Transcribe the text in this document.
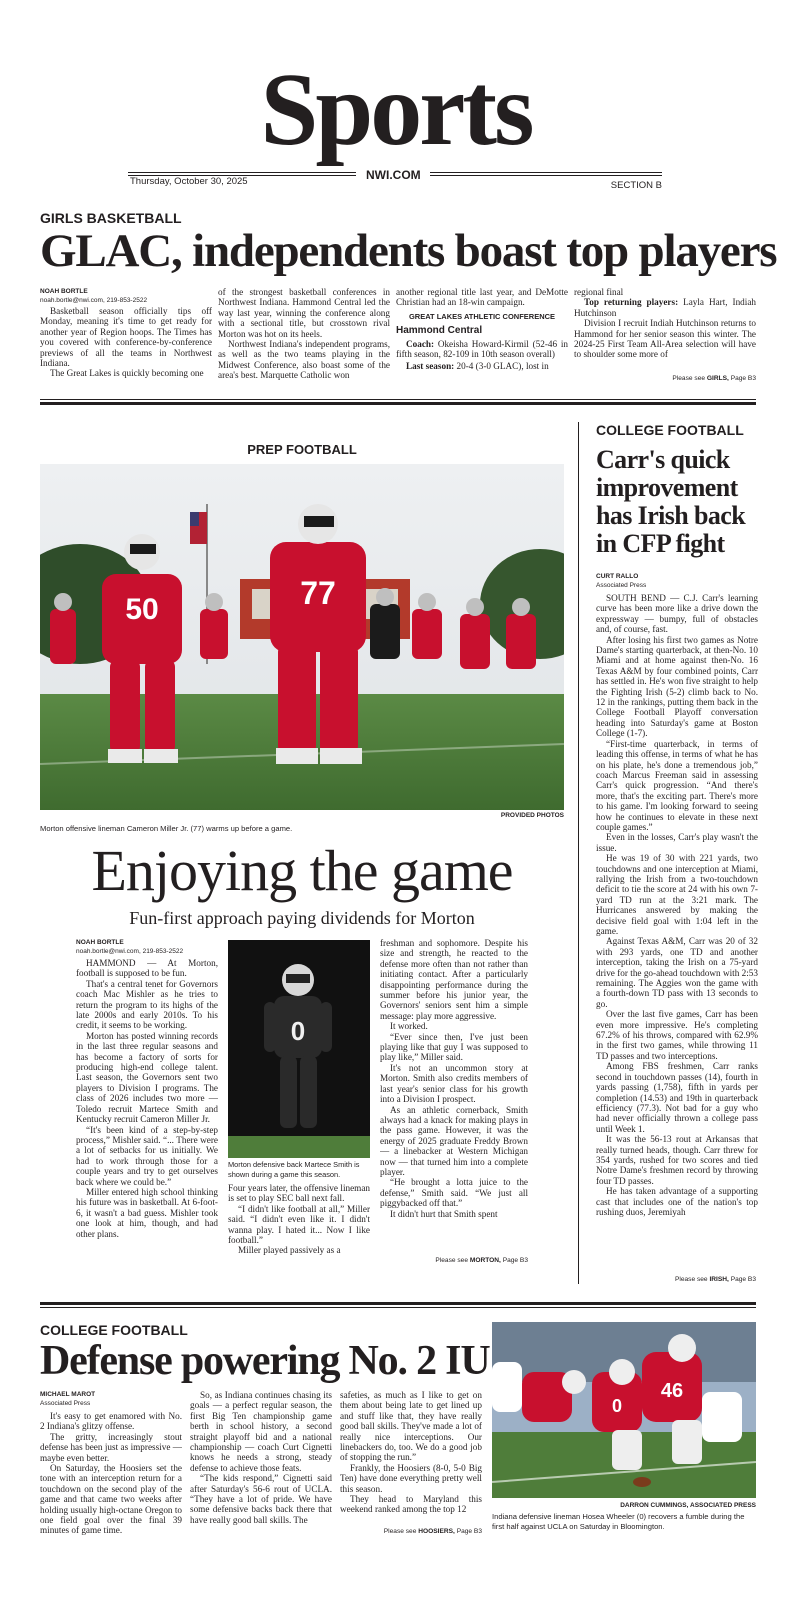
Sports
NWI.COM
Thursday, October 30, 2025	SECTION B
GIRLS BASKETBALL
GLAC, independents boast top players
NOAH BORTLE
noah.bortle@nwi.com, 219-853-2522

Basketball season officially tips off Monday, meaning it's time to get ready for another year of Region hoops. The Times has you covered with conference-by-conference previews of all the teams in Northwest Indiana.

The Great Lakes is quickly becoming one

of the strongest basketball conferences in Northwest Indiana. Hammond Central led the way last year, winning the conference along with a sectional title, but crosstown rival Morton was hot on its heels.

Northwest Indiana's independent programs, as well as the two teams playing in the Midwest Conference, also boast some of the area's best. Marquette Catholic won

another regional title last year, and DeMotte Christian had an 18-win campaign.

GREAT LAKES ATHLETIC CONFERENCE
Hammond Central

Coach: Okeisha Howard-Kirmil (52-46 in fifth season, 82-109 in 10th season overall)

Last season: 20-4 (3-0 GLAC), lost in

regional final

Top returning players: Layla Hart, Indiah Hutchinson

Division I recruit Indiah Hutchinson returns to Hammond for her senior season this winter. The 2024-25 First Team All-Area selection will have to shoulder some more of

Please see GIRLS, Page B3
PREP FOOTBALL
77
50
PROVIDED PHOTOS
Morton offensive lineman Cameron Miller Jr. (77) warms up before a game.
Enjoying the game
Fun-first approach paying dividends for Morton
NOAH BORTLE
noah.bortle@nwi.com, 219-853-2522

HAMMOND — At Morton, football is supposed to be fun.

That's a central tenet for Governors coach Mac Mishler as he tries to return the program to its highs of the late 2000s and early 2010s. To his credit, it seems to be working.

Morton has posted winning records in the last three regular seasons and has become a factory of sorts for producing high-end college talent. Last season, the Governors sent two players to Division I programs. The class of 2026 includes two more — Toledo recruit Martece Smith and Kentucky recruit Cameron Miller Jr.

“It's been kind of a step-by-step process,” Mishler said. “... There were a lot of setbacks for us initially. We had to work through those for a couple years and try to get ourselves back where we could be.”

Miller entered high school thinking his future was in basketball. At 6-foot-6, it wasn't a bad guess. Mishler took one look at him, though, and had other plans.

0
Morton defensive back Martece Smith is shown during a game this season.

Four years later, the offensive lineman is set to play SEC ball next fall.

“I didn't like football at all,” Miller said. “I didn't even like it. I didn't wanna play. I hated it... Now I like football.”

Miller played passively as a

freshman and sophomore. Despite his size and strength, he reacted to the defense more often than not rather than initiating contact. After a particularly disappointing performance during the summer before his junior year, the Governors' seniors sent him a simple message: play more aggressive.

It worked.

“Ever since then, I've just been playing like that guy I was supposed to play like,” Miller said.

It's not an uncommon story at Morton. Smith also credits members of last year's senior class for his growth into a Division I prospect.

As an athletic cornerback, Smith always had a knack for making plays in the pass game. However, it was the energy of 2025 graduate Freddy Brown — a linebacker at Western Michigan now — that turned him into a complete player.

“He brought a lotta juice to the defense,” Smith said. “We just all piggybacked off that.”

It didn't hurt that Smith spent

Please see MORTON, Page B3
COLLEGE FOOTBALL
Carr's quick improvement has Irish back in CFP fight
CURT RALLO
Associated Press

SOUTH BEND — C.J. Carr's learning curve has been more like a drive down the expressway — bumpy, full of obstacles and, of course, fast.

After losing his first two games as Notre Dame's starting quarterback, at then-No. 10 Miami and at home against then-No. 16 Texas A&M by four combined points, Carr has settled in. He's won five straight to help the Fighting Irish (5-2) climb back to No. 12 in the rankings, putting them back in the College Football Playoff conversation heading into Saturday's game at Boston College (1-7).

“First-time quarterback, in terms of leading this offense, in terms of what he has on his plate, he's done a tremendous job,” coach Marcus Freeman said in assessing Carr's quick progression. “And there's more, that's the exciting part. There's more to his game. I'm looking forward to seeing how he continues to elevate in these next couple games.”

Even in the losses, Carr's play wasn't the issue.

He was 19 of 30 with 221 yards, two touchdowns and one interception at Miami, rallying the Irish from a two-touchdown deficit to tie the score at 24 with his own 7-yard TD run at the 3:21 mark. The Hurricanes answered by making the decisive field goal with 1:04 left in the game.

Against Texas A&M, Carr was 20 of 32 with 293 yards, one TD and another interception, taking the Irish on a 75-yard drive for the go-ahead touchdown with 2:53 remaining. The Aggies won the game with a fourth-down TD pass with 13 seconds to go.

Over the last five games, Carr has been even more impressive. He's completing 67.2% of his throws, compared with 62.9% in the first two games, while throwing 11 TD passes and two interceptions.

Among FBS freshmen, Carr ranks second in touchdown passes (14), fourth in yards passing (1,758), fifth in yards per completion (14.53) and 19th in quarterback efficiency (77.3). Not bad for a guy who had never officially thrown a college pass until Week 1.

It was the 56-13 rout at Arkansas that really turned heads, though. Carr threw for 354 yards, rushed for two scores and tied Notre Dame's freshmen record by throwing four TD passes.

He has taken advantage of a supporting cast that includes one of the nation's top rushing duos, Jeremiyah

Please see IRISH, Page B3
COLLEGE FOOTBALL
Defense powering No. 2 IU
MICHAEL MAROT
Associated Press

It's easy to get enamored with No. 2 Indiana's glitzy offense.

The gritty, increasingly stout defense has been just as impressive — maybe even better.

On Saturday, the Hoosiers set the tone with an interception return for a touchdown on the second play of the game and that came two weeks after holding usually high-octane Oregon to one field goal over the final 39 minutes of game time.

So, as Indiana continues chasing its goals — a perfect regular season, the first Big Ten championship game berth in school history, a second straight playoff bid and a national championship — coach Curt Cignetti knows he needs a strong, steady defense to achieve those feats.

“The kids respond,” Cignetti said after Saturday's 56-6 rout of UCLA. “They have a lot of pride. We have some defensive backs back there that have really good ball skills. The

safeties, as much as I like to get on them about being late to get lined up and stuff like that, they have really good ball skills. They've made a lot of really nice interceptions. Our linebackers do, too. We do a good job of stopping the run.”

Frankly, the Hoosiers (8-0, 5-0 Big Ten) have done everything pretty well this season.

They head to Maryland this weekend ranked among the top 12

Please see HOOSIERS, Page B3
46
0
DARRON CUMMINGS, ASSOCIATED PRESS
Indiana defensive lineman Hosea Wheeler (0) recovers a fumble during the first half against UCLA on Saturday in Bloomington.
